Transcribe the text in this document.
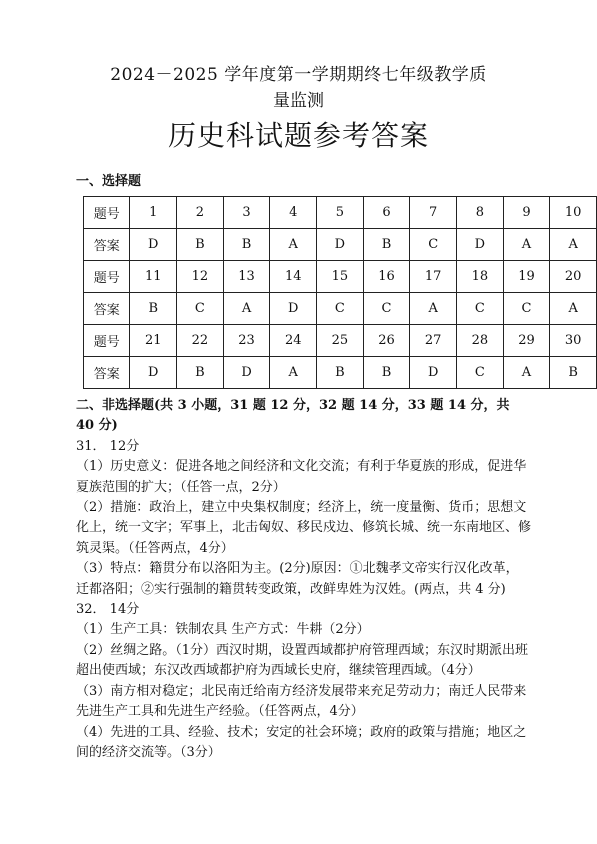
2024－2025 学年度第一学期期终七年级教学质
量监测
历史科试题参考答案
一、选择题
题号	1	2	3	4	5	6	7	8	9	10
答案	D	B	B	A	D	B	C	D	A	A
题号	11	12	13	14	15	16	17	18	19	20
答案	B	C	A	D	C	C	A	C	C	A
题号	21	22	23	24	25	26	27	28	29	30
答案	D	B	D	A	B	B	D	C	A	B

二、非选择题(共 3 小题，31 题 12 分，32 题 14 分，33 题 14 分，共 40 分)

31． 12分

（1）历史意义：促进各地之间经济和文化交流；有利于华夏族的形成，促进华夏族范围的扩大；（任答一点，2分）

（2）措施：政治上，建立中央集权制度；经济上，统一度量衡、货币；思想文化上，统一文字；军事上，北击匈奴、移民戍边、修筑长城、统一东南地区、修筑灵渠。（任答两点，4分）

（3）特点：籍贯分布以洛阳为主。(2分)原因：①北魏孝文帝实行汉化改革，迁都洛阳；②实行强制的籍贯转变政策，改鲜卑姓为汉姓。(两点，共 4 分)

32． 14分

（1）生产工具：铁制农具 生产方式：牛耕（2分）

（2）丝绸之路。（1分）西汉时期，设置西域都护府管理西域；东汉时期派出班超出使西域；东汉改西域都护府为西域长史府，继续管理西域。（4分）

（3）南方相对稳定；北民南迁给南方经济发展带来充足劳动力；南迁人民带来先进生产工具和先进生产经验。（任答两点，4分）

（4）先进的工具、经验、技术；安定的社会环境；政府的政策与措施；地区之间的经济交流等。（3分）
